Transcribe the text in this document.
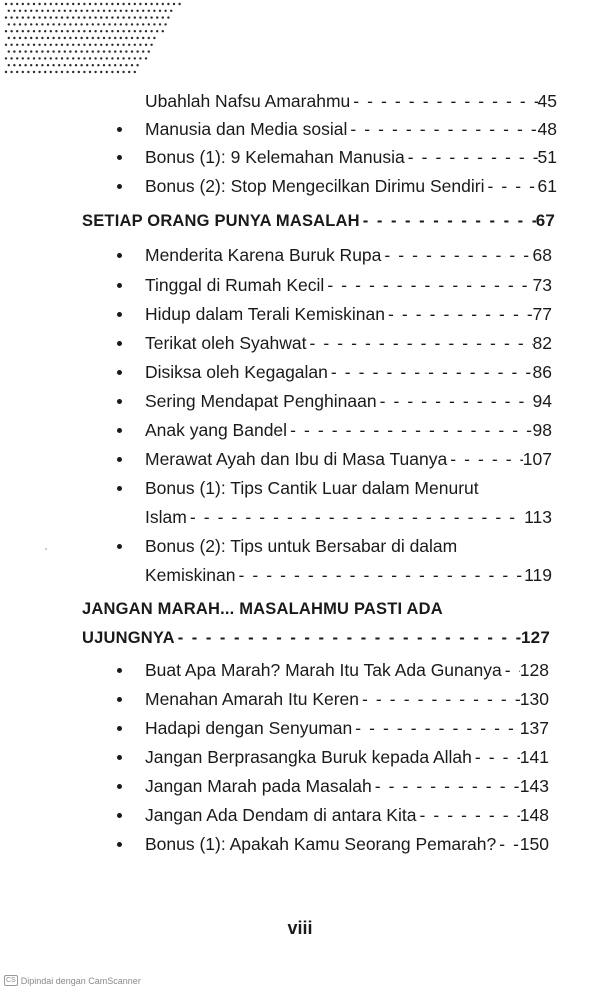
Ubahlah Nafsu Amarahmu - - -	45
Manusia dan Media sosial - - -	48
Bonus (1): 9 Kelemahan Manusia - - -	51
Bonus (2): Stop Mengecilkan Dirimu Sendiri - - -	61
SETIAP ORANG PUNYA MASALAH - - -	67
Menderita Karena Buruk Rupa - - -	68
Tinggal di Rumah Kecil - - -	73
Hidup dalam Terali Kemiskinan - - -	77
Terikat oleh Syahwat - - -	82
Disiksa oleh Kegagalan - - -	86
Sering Mendapat Penghinaan - - -	94
Anak yang Bandel - - -	98
Merawat Ayah dan Ibu di Masa Tuanya - - -	107
Bonus (1): Tips Cantik Luar dalam Menurut
Islam - - -	113
Bonus (2): Tips untuk Bersabar di dalam
Kemiskinan - - -	119
JANGAN MARAH... MASALAHMU PASTI ADA
UJUNGNYA - - -	127
Buat Apa Marah? Marah Itu Tak Ada Gunanya - - - 128
Menahan Amarah Itu Keren - - -	130
Hadapi dengan Senyuman - - -	137
Jangan Berprasangka Buruk kepada Allah - - -	141
Jangan Marah pada Masalah - - -	143
Jangan Ada Dendam di antara Kita - - -	148
Bonus (1): Apakah Kamu Seorang Pemarah? - - - 150
viii
CS Dipindai dengan CamScanner
